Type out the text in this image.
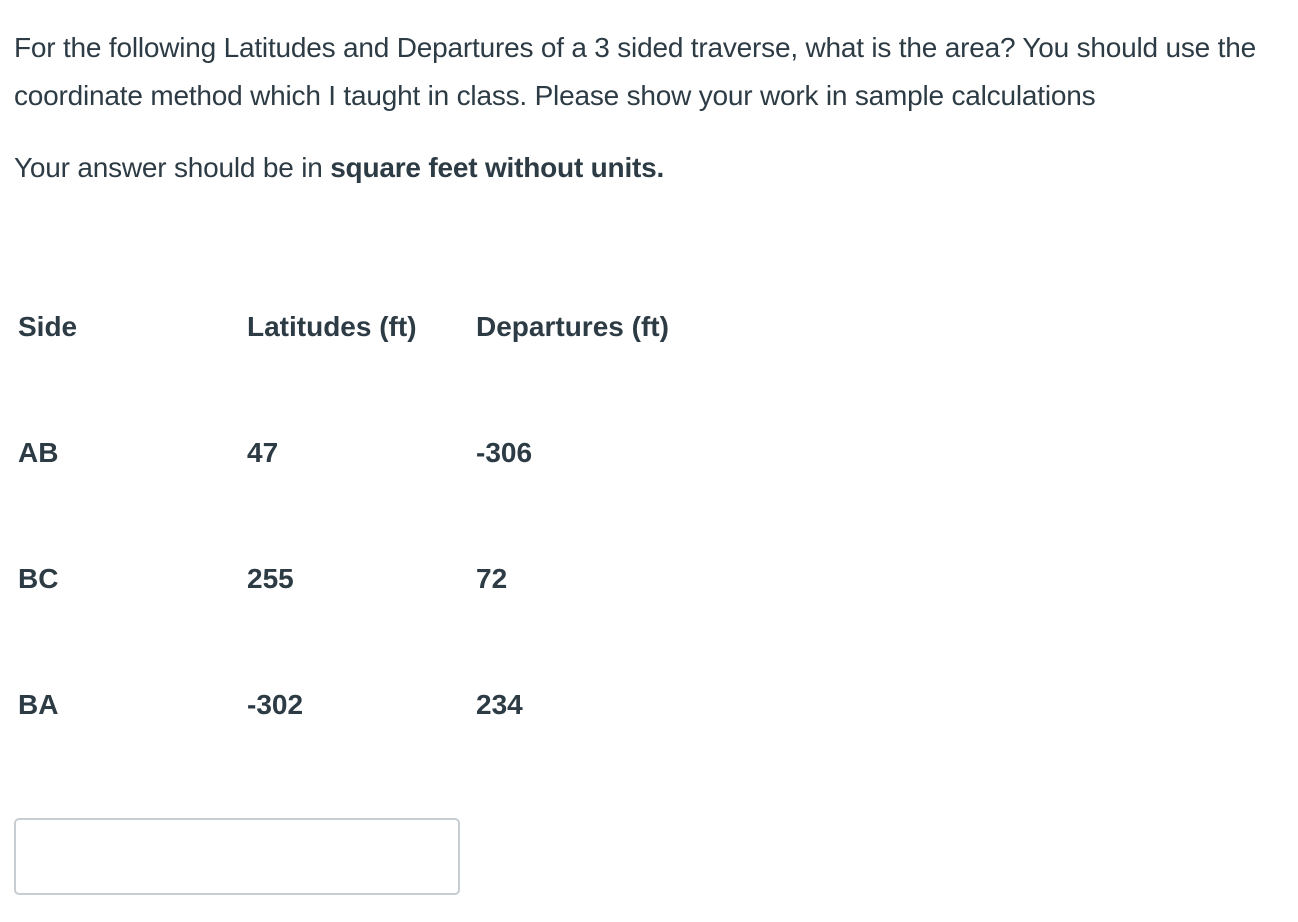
For the following Latitudes and Departures of a 3 sided traverse, what is the area? You should use the coordinate method which I taught in class. Please show your work in sample calculations

Your answer should be in square feet without units.

Side	Latitudes (ft)	Departures (ft)
AB	47	-306
BC	255	72
BA	-302	234
